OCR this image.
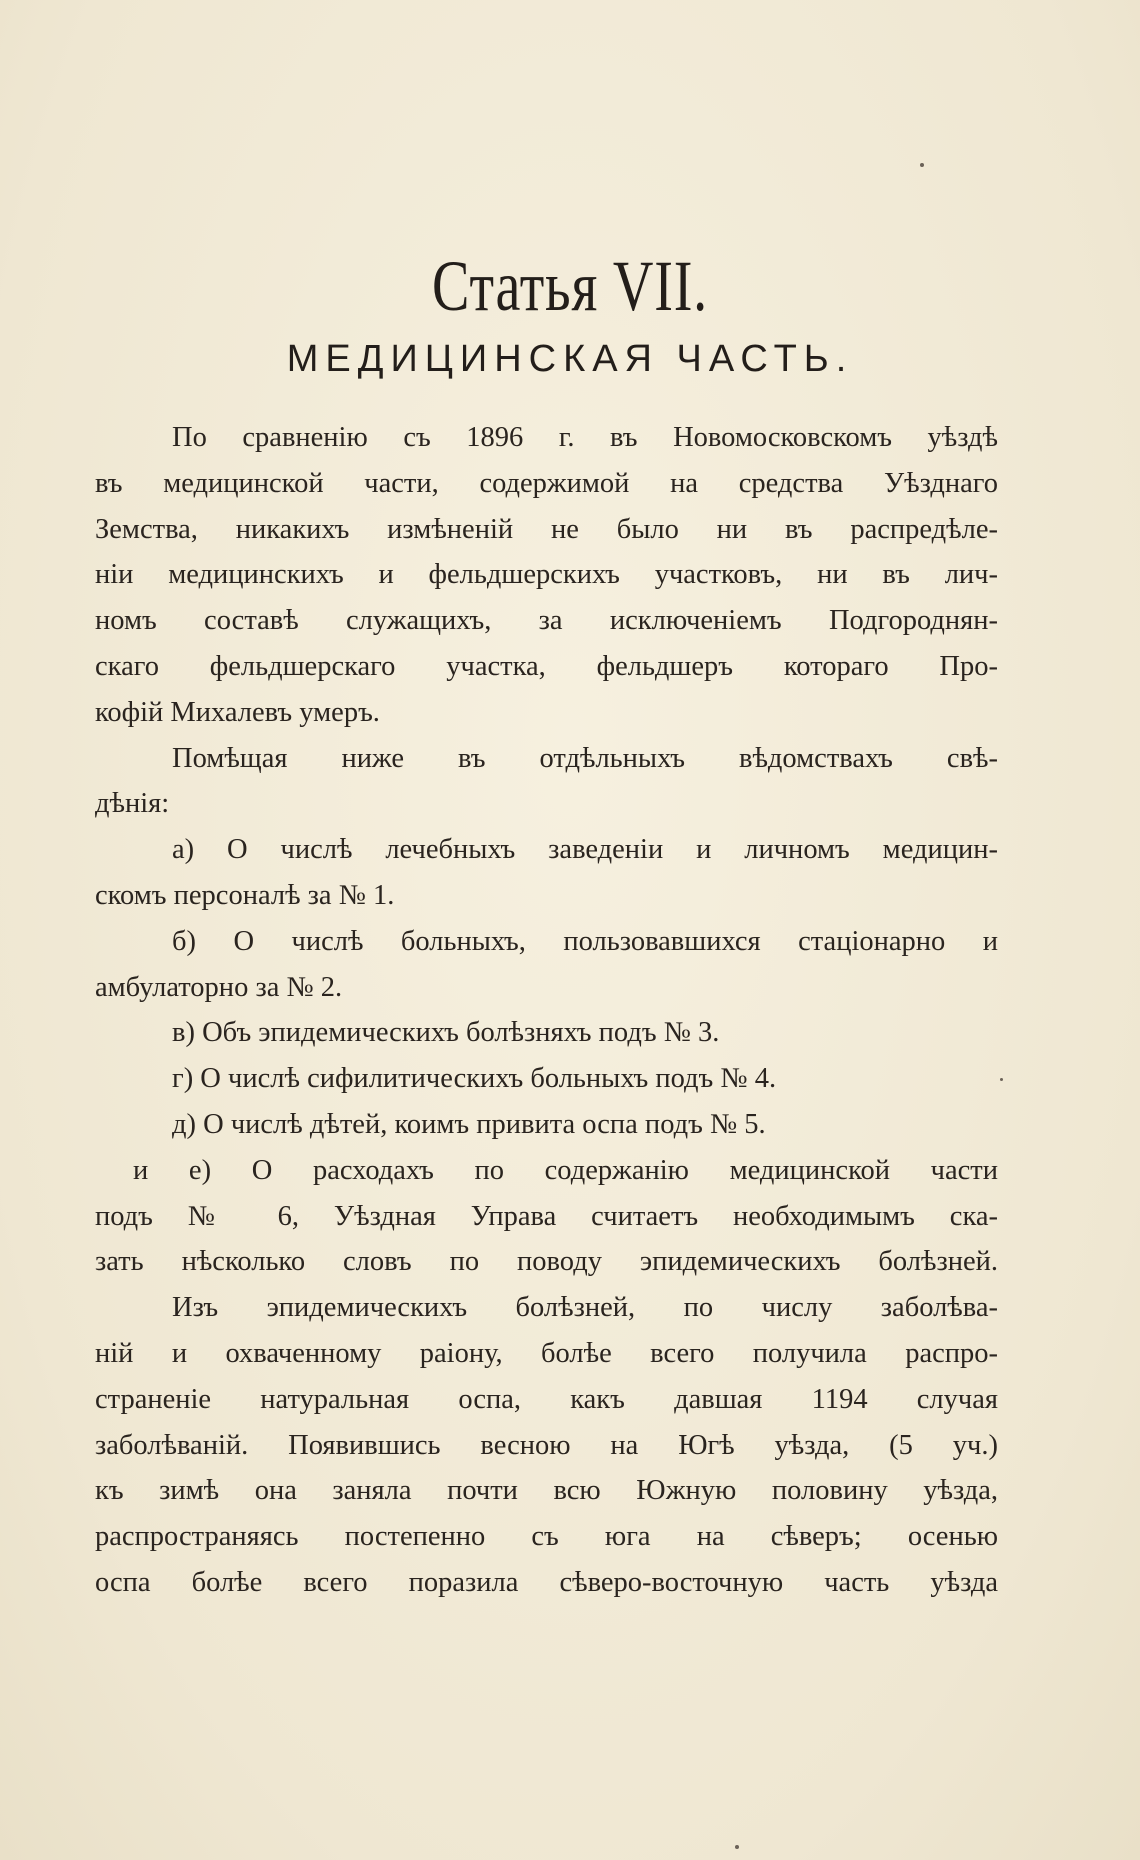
Статья VII.
МЕДИЦИНСКАЯ ЧАСТЬ.
По сравненiю съ 1896 г. въ Новомосковскомъ уѣздѣ
въ медицинской части, содержимой на средства Уѣзднаго
Земства, никакихъ измѣненiй не было ни въ распредѣле-
нiи медицинскихъ и фельдшерскихъ участковъ, ни въ лич-
номъ составѣ служащихъ, за исключенiемъ Подгороднян-
скаго фельдшерскаго участка, фельдшеръ котораго Про-
кофiй Михалевъ умеръ.
Помѣщая ниже въ отдѣльныхъ вѣдомствахъ свѣ-
дѣнiя:
а) О числѣ лечебныхъ заведенiи и личномъ медицин-
скомъ персоналѣ за № 1.
б) О числѣ больныхъ, пользовавшихся стацiонарно и
амбулаторно за № 2.
в) Объ эпидемическихъ болѣзняхъ подъ № 3.
г) О числѣ сифилитическихъ больныхъ подъ № 4.
д) О числѣ дѣтей, коимъ привита оспа подъ № 5.
и е) О расходахъ по содержанiю медицинской части
подъ № 6, Уѣздная Управа считаетъ необходимымъ ска-
зать нѣсколько словъ по поводу эпидемическихъ болѣзней.
Изъ эпидемическихъ болѣзней, по числу заболѣва-
нiй и охваченному раiону, болѣе всего получила распро-
страненiе натуральная оспа, какъ давшая 1194 случая
заболѣванiй. Появившись весною на Югѣ уѣзда, (5 уч.)
къ зимѣ она заняла почти всю Южную половину уѣзда,
распространяясь постепенно съ юга на сѣверъ; осенью
оспа болѣе всего поразила сѣверо-восточную часть уѣзда
